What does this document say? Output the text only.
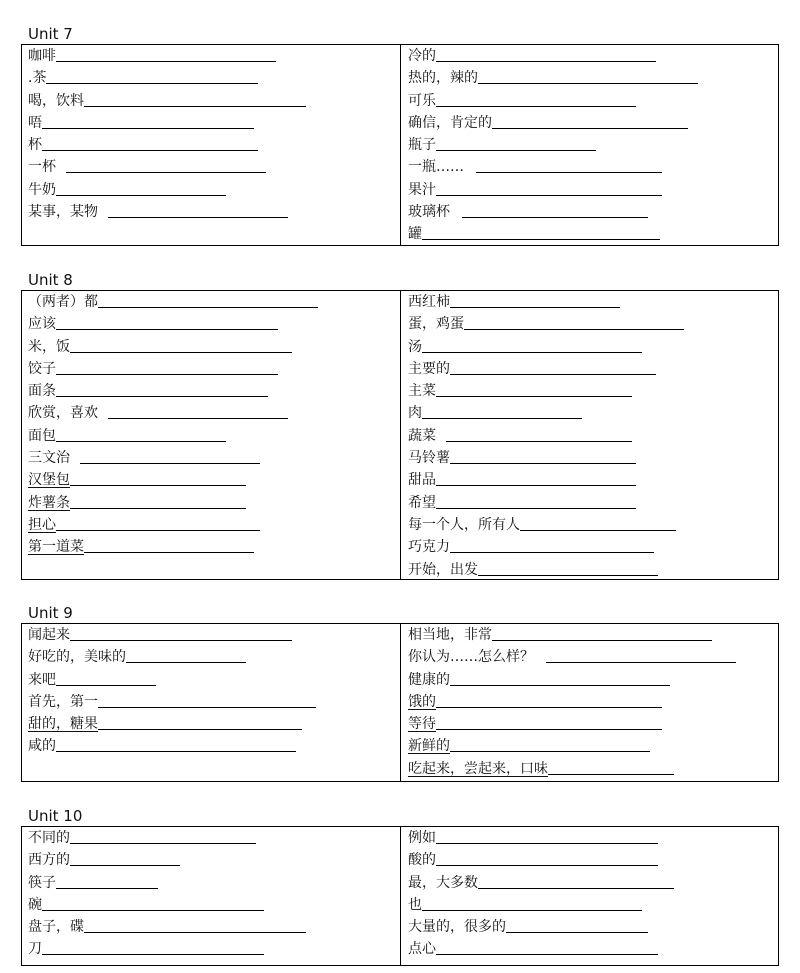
Unit 7
咖啡
.茶
喝，饮料
唔
杯
一杯
牛奶
某事，某物
冷的
热的，辣的
可乐
确信，肯定的
瓶子
一瓶……
果汁
玻璃杯
罐
Unit 8
（两者）都
应该
米，饭
饺子
面条
欣赏，喜欢
面包
三文治
汉堡包
炸薯条
担心
第一道菜
西红柿
蛋，鸡蛋
汤
主要的
主菜
肉
蔬菜
马铃薯
甜品
希望
每一个人，所有人
巧克力
开始，出发
Unit 9
闻起来
好吃的，美味的
来吧
首先，第一
甜的，糖果
咸的
相当地，非常
你认为……怎么样？
健康的
饿的
等待
新鲜的
吃起来，尝起来，口味
Unit 10
不同的
西方的
筷子
碗
盘子，碟
刀
例如
酸的
最，大多数
也
大量的，很多的
点心
